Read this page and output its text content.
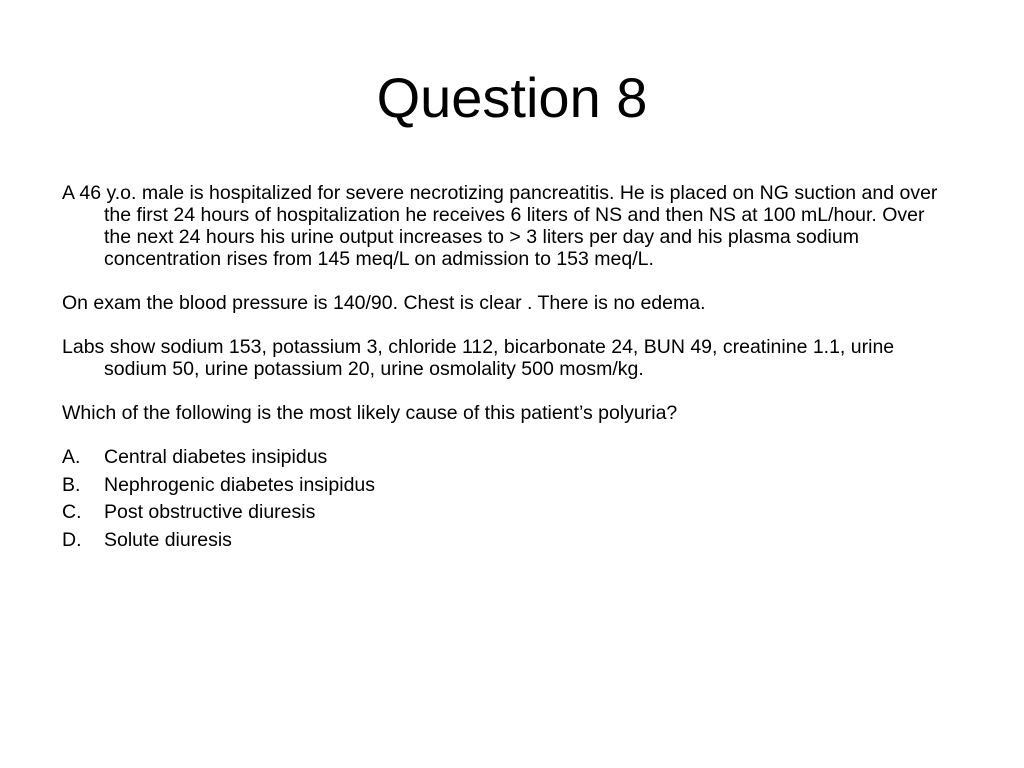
Question 8

A 46 y.o. male is hospitalized for severe necrotizing pancreatitis. He is placed on NG suction and over the first 24 hours of hospitalization he receives 6 liters of NS and then NS at 100 mL/hour. Over the next 24 hours his urine output increases to > 3 liters per day and his plasma sodium concentration rises from 145 meq/L on admission to 153 meq/L.

On exam the blood pressure is 140/90. Chest is clear . There is no edema.

Labs show sodium 153, potassium 3, chloride 112, bicarbonate 24, BUN 49, creatinine 1.1, urine sodium 50, urine potassium 20, urine osmolality 500 mosm/kg.

Which of the following is the most likely cause of this patient’s polyuria?

A.	Central diabetes insipidus
B.	Nephrogenic diabetes insipidus
C.	Post obstructive diuresis
D.	Solute diuresis
